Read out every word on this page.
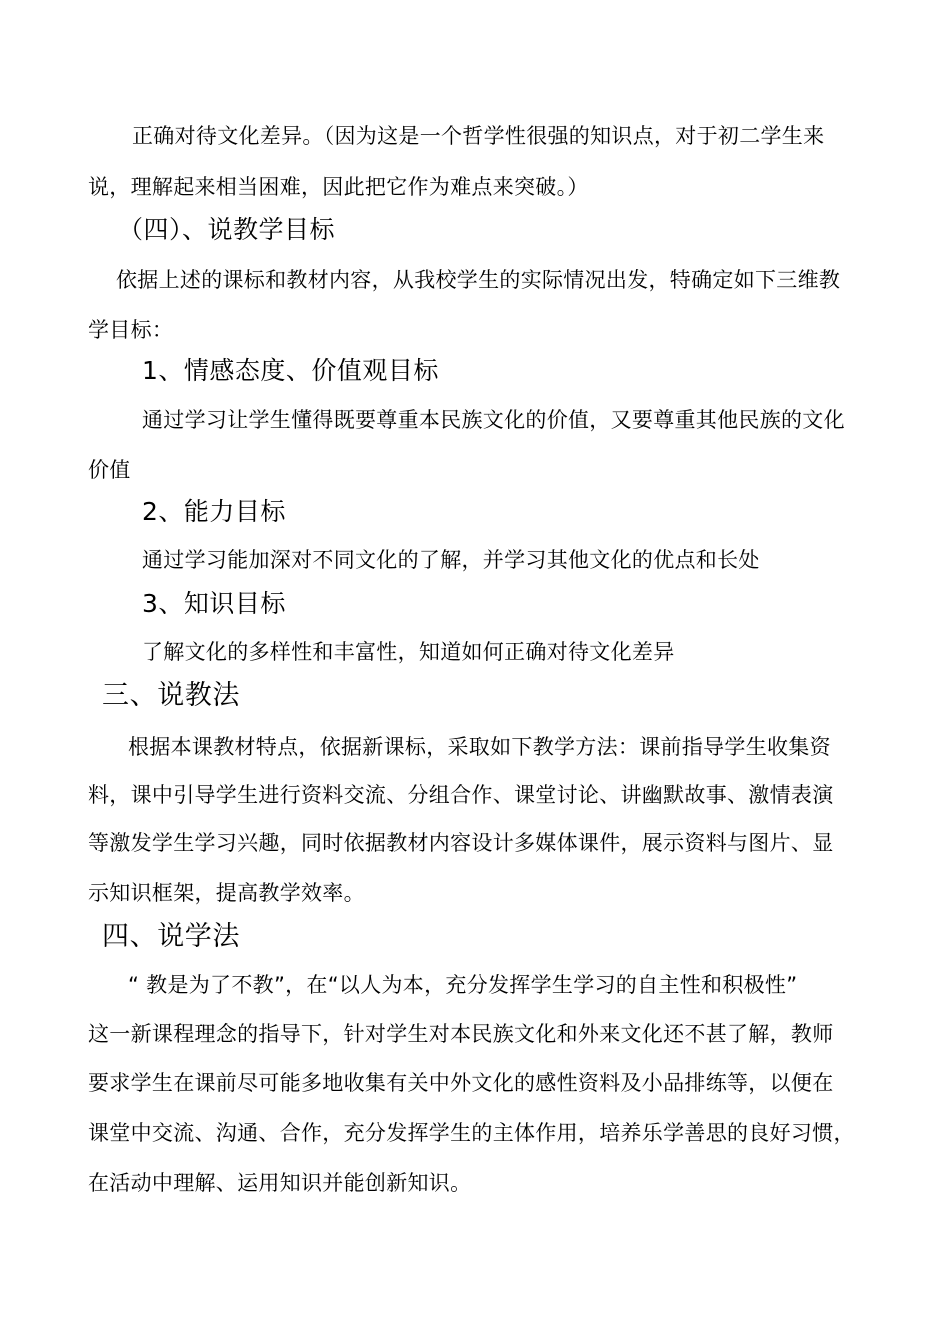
正确对待文化差异。（因为这是一个哲学性很强的知识点，对于初二学生来
说，理解起来相当困难，因此把它作为难点来突破。）
（四）、说教学目标
依据上述的课标和教材内容，从我校学生的实际情况出发，特确定如下三维教
学目标：
1、情感态度、价值观目标
通过学习让学生懂得既要尊重本民族文化的价值，又要尊重其他民族的文化
价值
2、能力目标
通过学习能加深对不同文化的了解，并学习其他文化的优点和长处
3、知识目标
了解文化的多样性和丰富性，知道如何正确对待文化差异
三、说教法
根据本课教材特点，依据新课标，采取如下教学方法：课前指导学生收集资
料，课中引导学生进行资料交流、分组合作、课堂讨论、讲幽默故事、激情表演
等激发学生学习兴趣，同时依据教材内容设计多媒体课件，展示资料与图片、显
示知识框架，提高教学效率。
四、说学法
“ 教是为了不教”，在“以人为本，充分发挥学生学习的自主性和积极性”
这一新课程理念的指导下，针对学生对本民族文化和外来文化还不甚了解，教师
要求学生在课前尽可能多地收集有关中外文化的感性资料及小品排练等，以便在
课堂中交流、沟通、合作，充分发挥学生的主体作用，培养乐学善思的良好习惯，
在活动中理解、运用知识并能创新知识。
